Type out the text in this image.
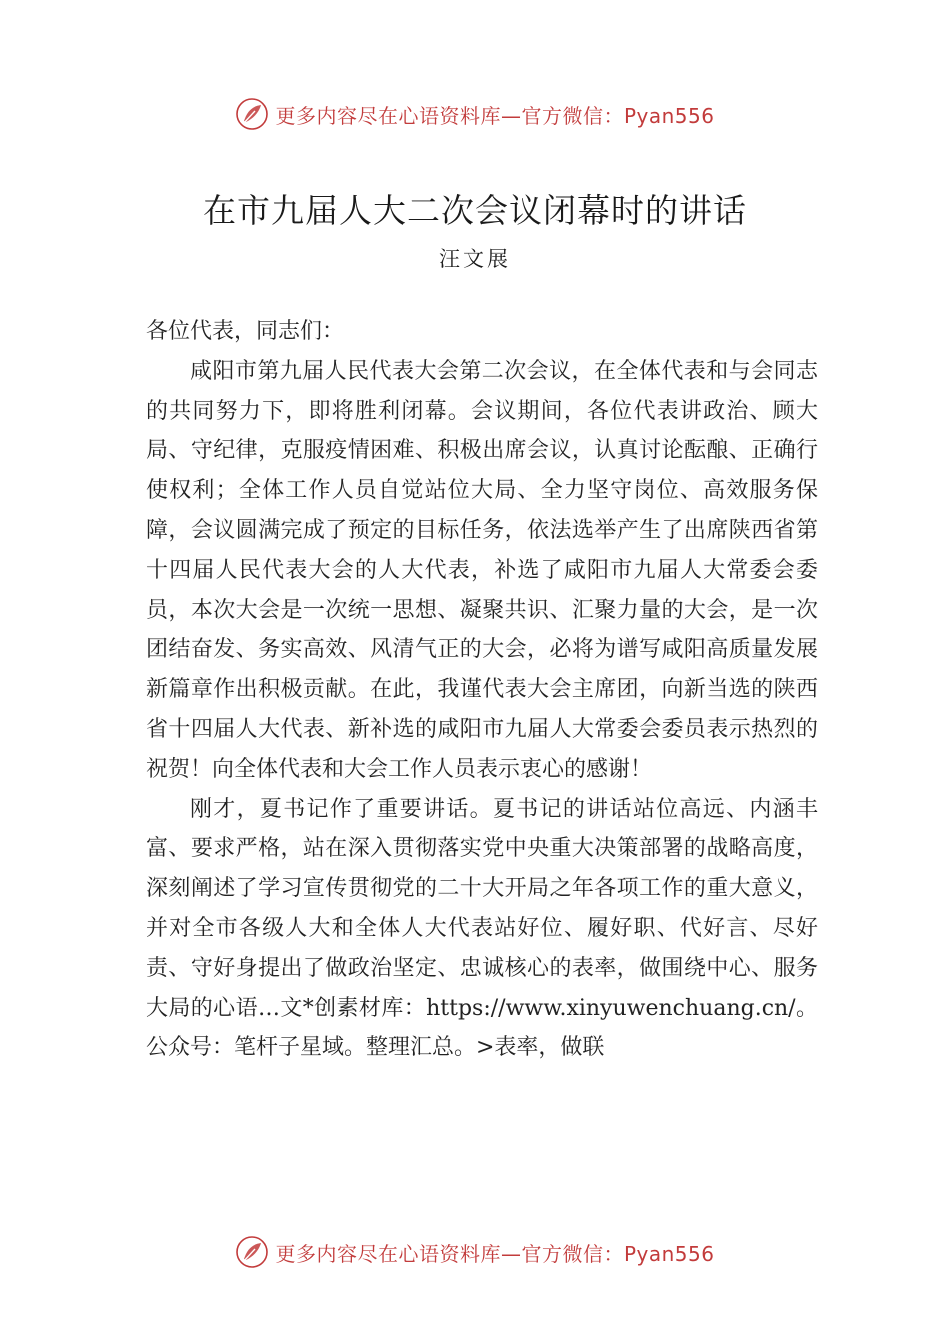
更多内容尽在心语资料库—官方微信：Pyan556
在市九届人大二次会议闭幕时的讲话
汪文展

各位代表，同志们：

咸阳市第九届人民代表大会第二次会议，在全体代表和与会同志的共同努力下，即将胜利闭幕。会议期间，各位代表讲政治、顾大局、守纪律，克服疫情困难、积极出席会议，认真讨论酝酿、正确行使权利；全体工作人员自觉站位大局、全力坚守岗位、高效服务保障，会议圆满完成了预定的目标任务，依法选举产生了出席陕西省第十四届人民代表大会的人大代表，补选了咸阳市九届人大常委会委员，本次大会是一次统一思想、凝聚共识、汇聚力量的大会，是一次团结奋发、务实高效、风清气正的大会，必将为谱写咸阳高质量发展新篇章作出积极贡献。在此，我谨代表大会主席团，向新当选的陕西省十四届人大代表、新补选的咸阳市九届人大常委会委员表示热烈的祝贺！向全体代表和大会工作人员表示衷心的感谢！

刚才，夏书记作了重要讲话。夏书记的讲话站位高远、内涵丰富、要求严格，站在深入贯彻落实党中央重大决策部署的战略高度，深刻阐述了学习宣传贯彻党的二十大开局之年各项工作的重大意义，并对全市各级人大和全体人大代表站好位、履好职、代好言、尽好责、守好身提出了做政治坚定、忠诚核心的表率，做围绕中心、服务大局的心语…文*创素材库：https://www.xinyuwenchuang.cn/。公众号：笔杆子星域。整理汇总。>表率，做联

更多内容尽在心语资料库—官方微信：Pyan556
